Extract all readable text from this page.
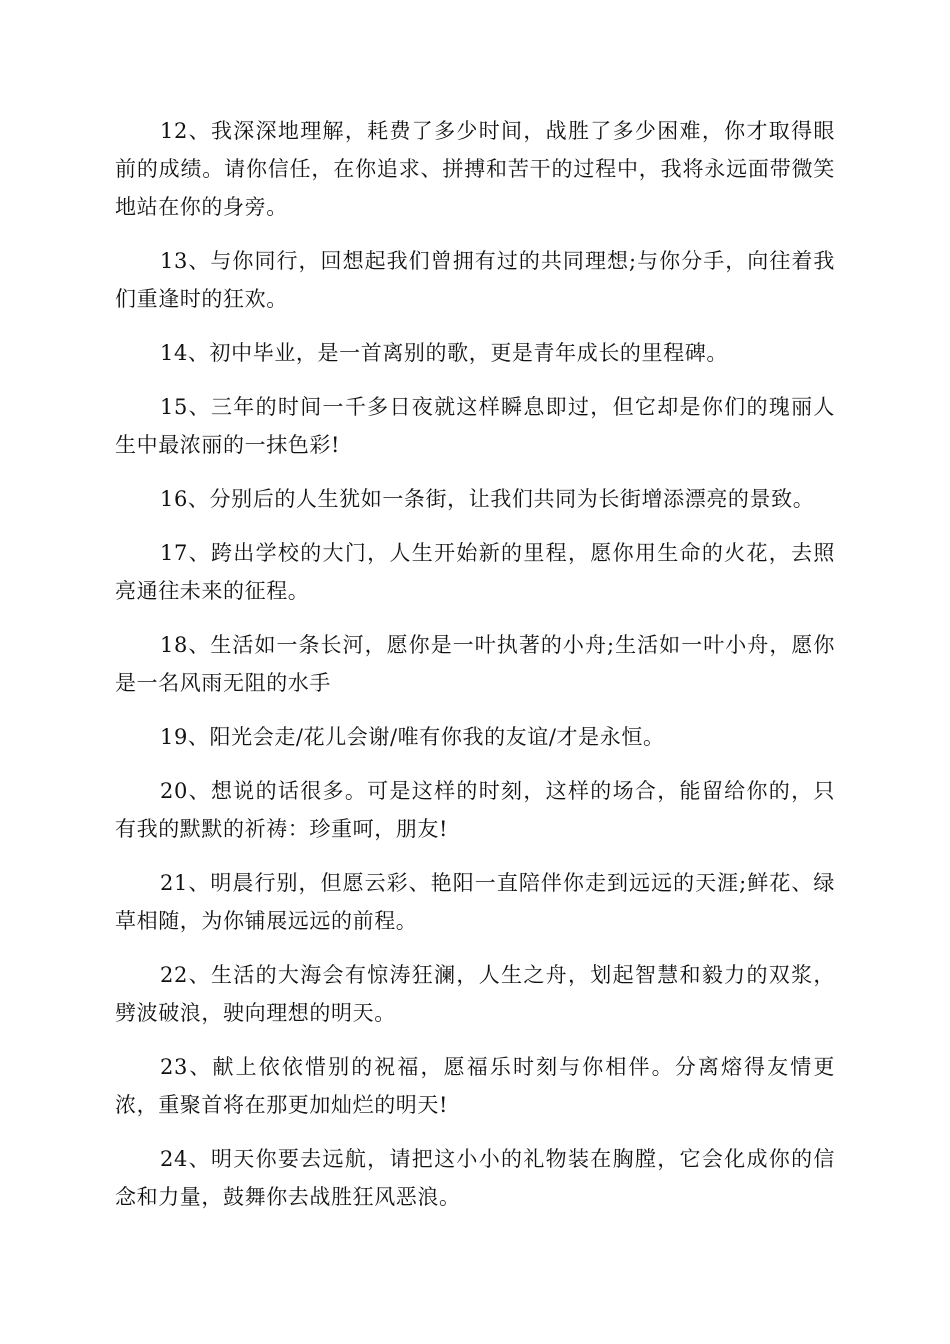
12、我深深地理解，耗费了多少时间，战胜了多少困难，你才取得眼前的成绩。请你信任，在你追求、拼搏和苦干的过程中，我将永远面带微笑地站在你的身旁。

13、与你同行，回想起我们曾拥有过的共同理想;与你分手，向往着我们重逢时的狂欢。

14、初中毕业，是一首离别的歌，更是青年成长的里程碑。

15、三年的时间一千多日夜就这样瞬息即过，但它却是你们的瑰丽人生中最浓丽的一抹色彩!

16、分别后的人生犹如一条街，让我们共同为长街增添漂亮的景致。

17、跨出学校的大门，人生开始新的里程，愿你用生命的火花，去照亮通往未来的征程。

18、生活如一条长河，愿你是一叶执著的小舟;生活如一叶小舟，愿你是一名风雨无阻的水手

19、阳光会走/花儿会谢/唯有你我的友谊/才是永恒。

20、想说的话很多。可是这样的时刻，这样的场合，能留给你的，只有我的默默的祈祷：珍重呵，朋友!

21、明晨行别，但愿云彩、艳阳一直陪伴你走到远远的天涯;鲜花、绿草相随，为你铺展远远的前程。

22、生活的大海会有惊涛狂澜，人生之舟，划起智慧和毅力的双浆，劈波破浪，驶向理想的明天。

23、献上依依惜别的祝福，愿福乐时刻与你相伴。分离熔得友情更浓，重聚首将在那更加灿烂的明天!

24、明天你要去远航，请把这小小的礼物装在胸膛，它会化成你的信念和力量，鼓舞你去战胜狂风恶浪。
